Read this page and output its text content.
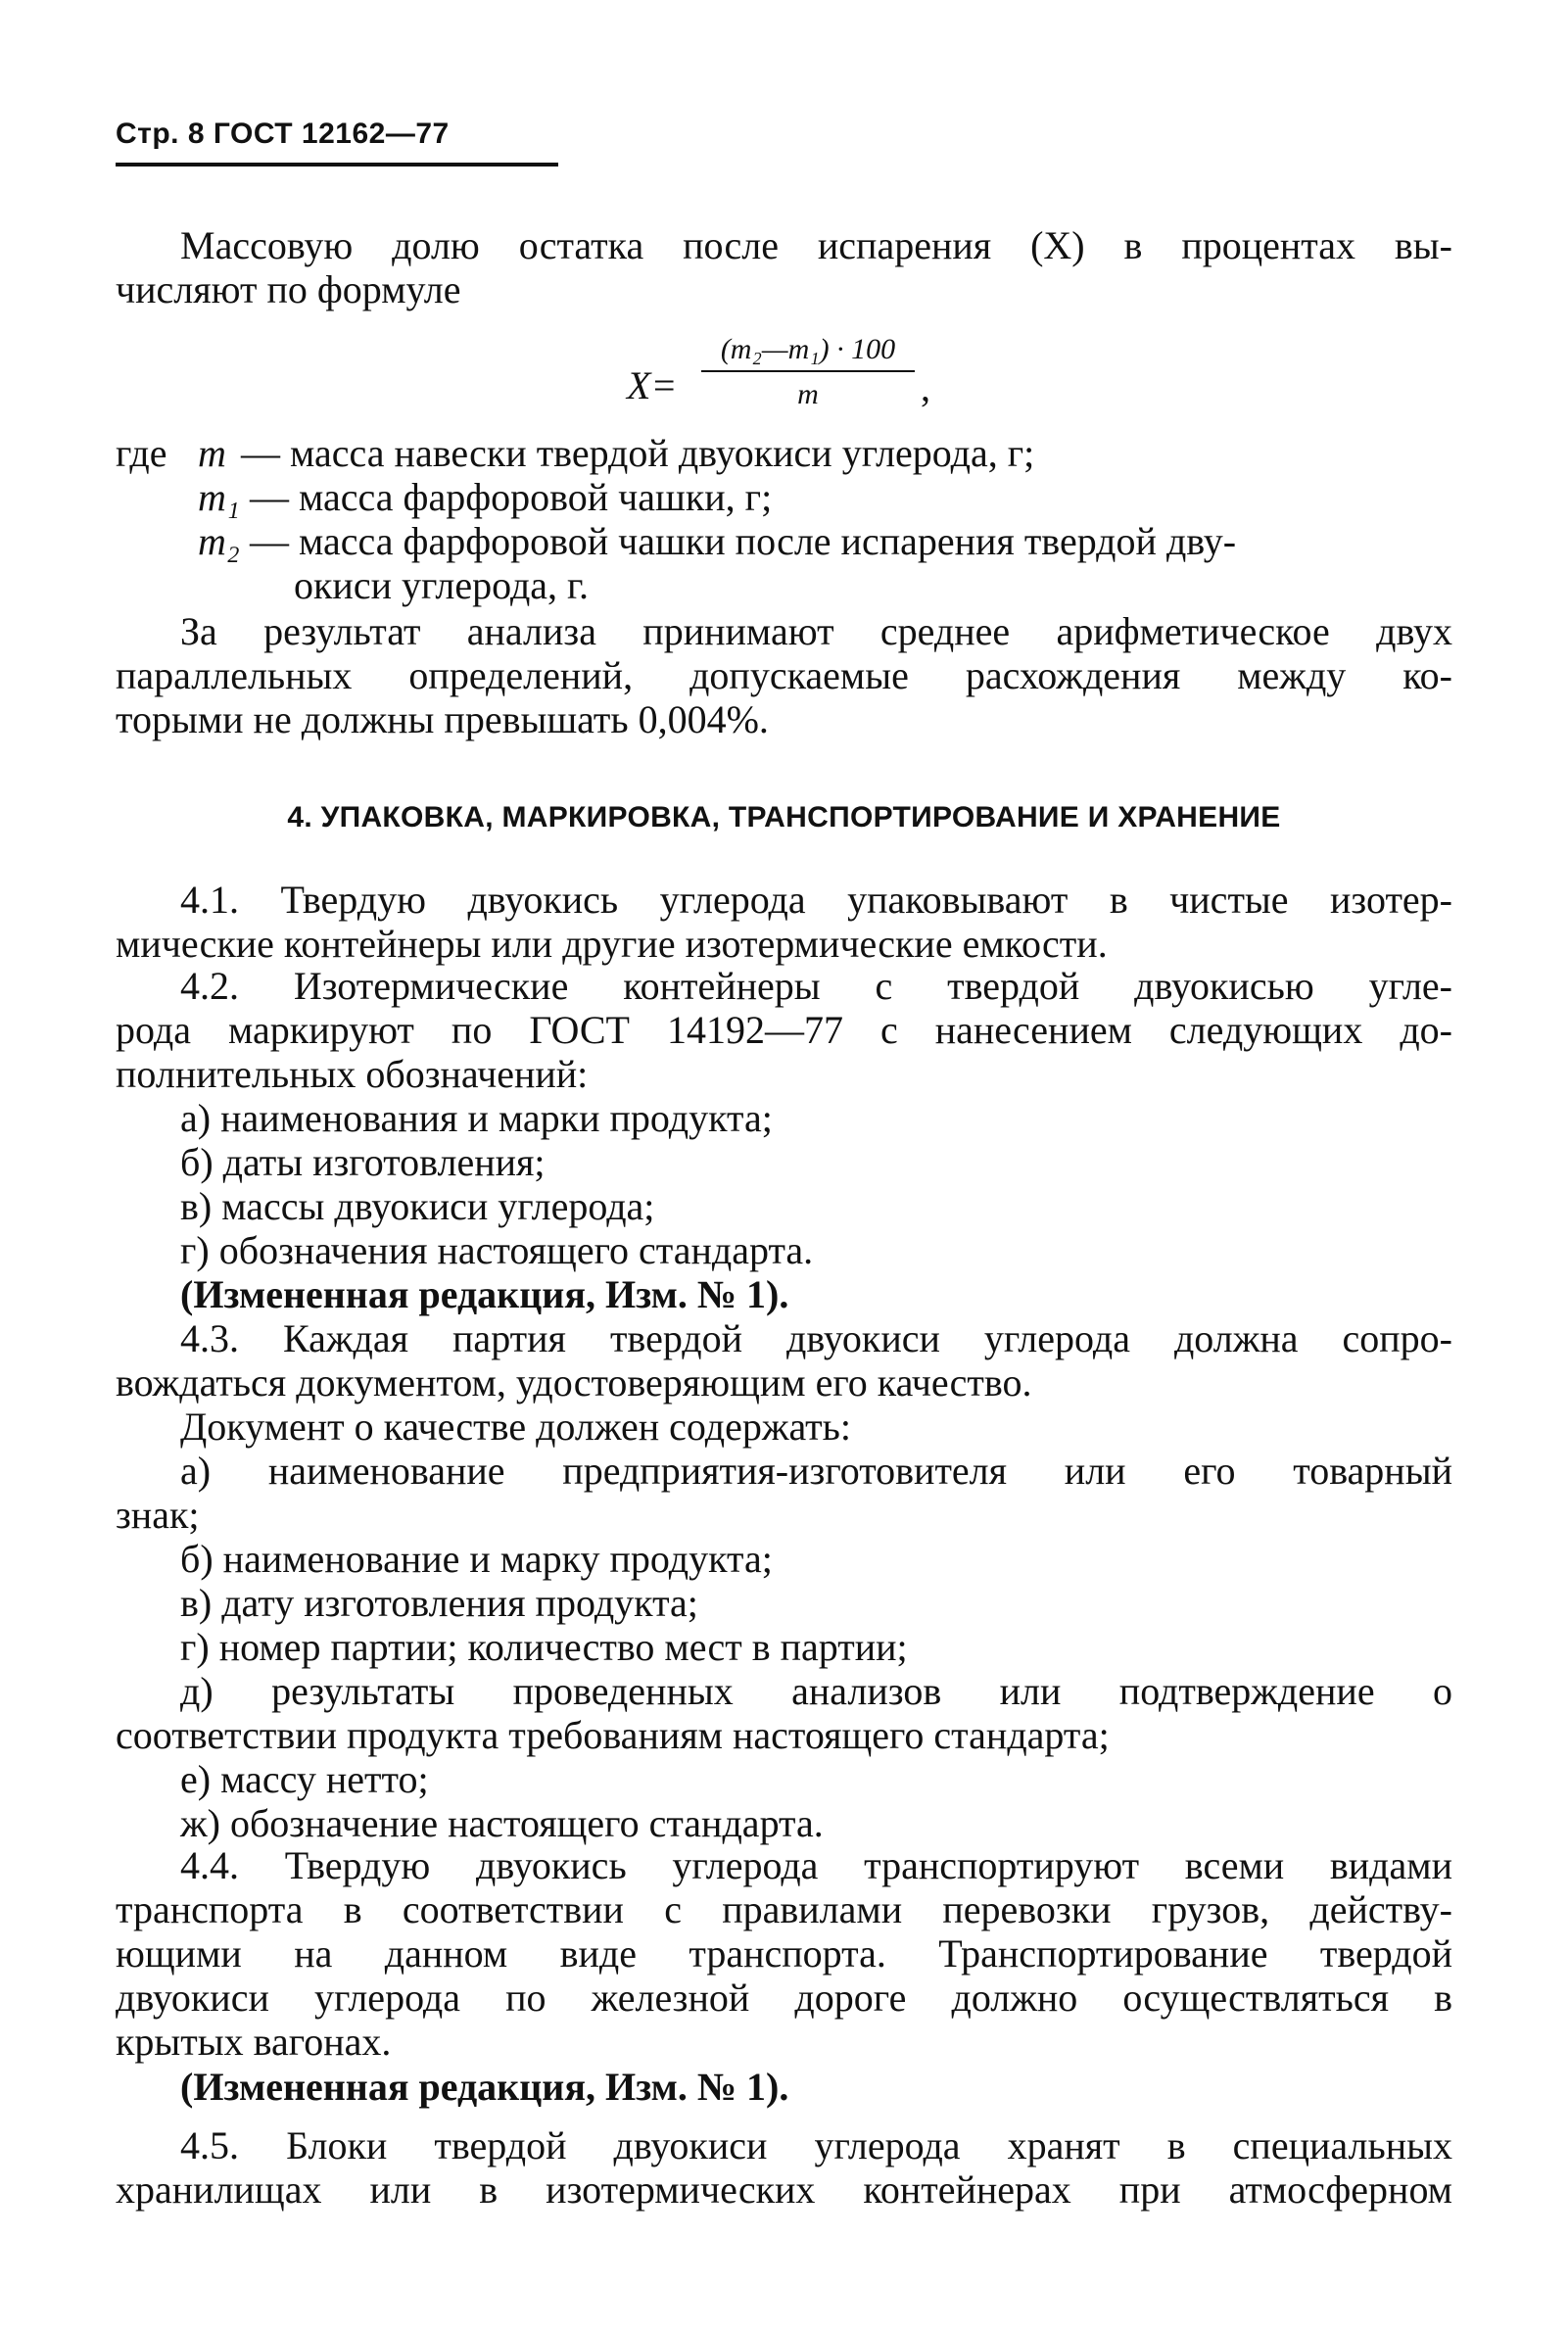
Стр. 8 ГОСТ 12162—77

Массовую долю остатка после испарения (X) в процентах вы-

числяют по формуле

X=
(m₂—m₁) · 100
m	,
где m — масса навески твердой двуокиси углерода, г;
m₁ — масса фарфоровой чашки, г;
m₂ — масса фарфоровой чашки после испарения твердой дву-
окиси углерода, г.

За результат анализа принимают среднее арифметическое двух

параллельных определений, допускаемые расхождения между ко-

торыми не должны превышать 0,004%.

4. УПАКОВКА, МАРКИРОВКА, ТРАНСПОРТИРОВАНИЕ И ХРАНЕНИЕ

4.1. Твердую двуокись углерода упаковывают в чистые изотер-

мические контейнеры или другие изотермические емкости.

4.2. Изотермические контейнеры с твердой двуокисью угле-

рода маркируют по ГОСТ 14192—77 с нанесением следующих до-

полнительных обозначений:

а) наименования и марки продукта;

б) даты изготовления;

в) массы двуокиси углерода;

г) обозначения настоящего стандарта.

(Измененная редакция, Изм. № 1).

4.3. Каждая партия твердой двуокиси углерода должна сопро-

вождаться документом, удостоверяющим его качество.

Документ о качестве должен содержать:

а) наименование предприятия-изготовителя или его товарный

знак;

б) наименование и марку продукта;

в) дату изготовления продукта;

г) номер партии; количество мест в партии;

д) результаты проведенных анализов или подтверждение о

соответствии продукта требованиям настоящего стандарта;

е) массу нетто;

ж) обозначение настоящего стандарта.

4.4. Твердую двуокись углерода транспортируют всеми видами

транспорта в соответствии с правилами перевозки грузов, действу-

ющими на данном виде транспорта. Транспортирование твердой

двуокиси углерода по железной дороге должно осуществляться в

крытых вагонах.

(Измененная редакция, Изм. № 1).

4.5. Блоки твердой двуокиси углерода хранят в специальных

хранилищах или в изотермических контейнерах при атмосферном
